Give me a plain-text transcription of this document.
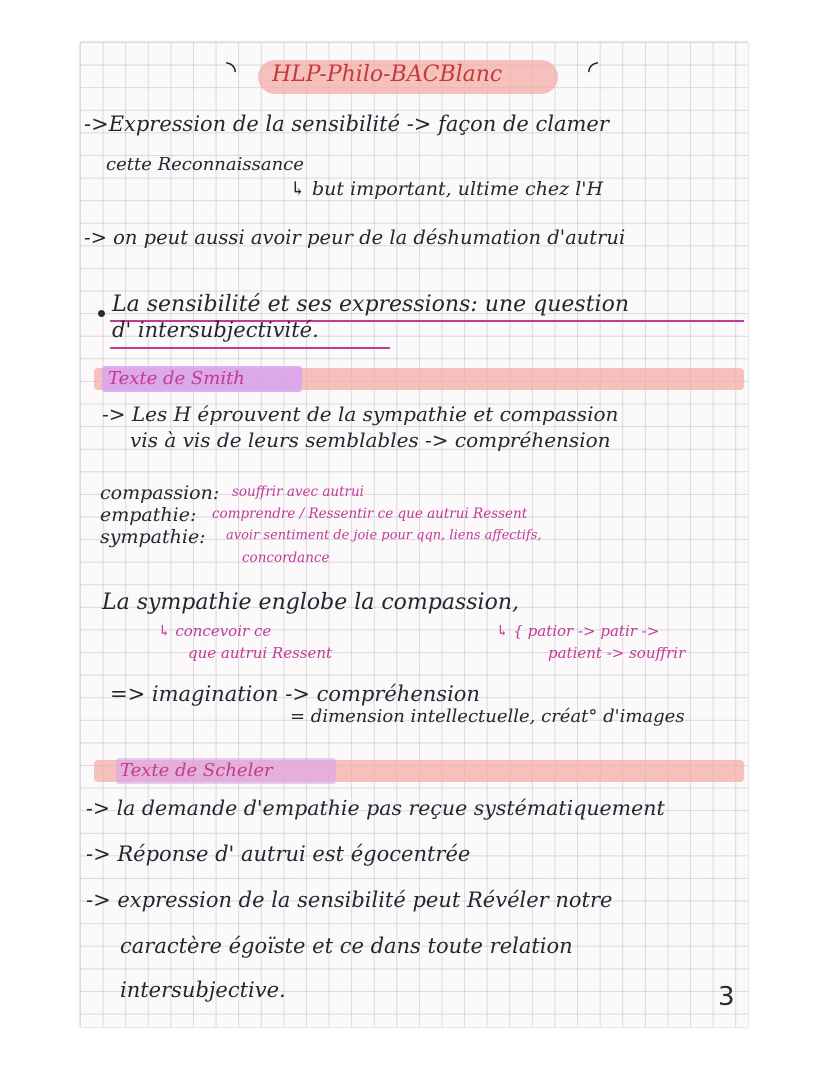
◝ HLP-Philo-BACBlanc	◜
->Expression de la sensibilité -> façon de clamer
cette Reconnaissance
↳ but important, ultime chez l'H
-> on peut aussi avoir peur de la déshumation d'autrui
La sensibilité et ses expressions: une question
d' intersubjectivité.
Texte de Smith
-> Les H éprouvent de la sympathie et compassion
vis à vis de leurs semblables -> compréhension
compassion: souffrir avec autrui
empathie: comprendre / Ressentir ce que autrui Ressent
sympathie: avoir sentiment de joie pour qqn, liens affectifs,
concordance
La sympathie englobe la compassion,
↳ concevoir ce
que autrui Ressent
↳ { patior -> patir ->
patient -> souffrir
=> imagination -> compréhension
= dimension intellectuelle, créat° d'images
Texte de Scheler
-> la demande d'empathie pas reçue systématiquement
-> Réponse d' autrui est égocentrée
-> expression de la sensibilité peut Révéler notre
caractère égoïste et ce dans toute relation
intersubjective.	3
